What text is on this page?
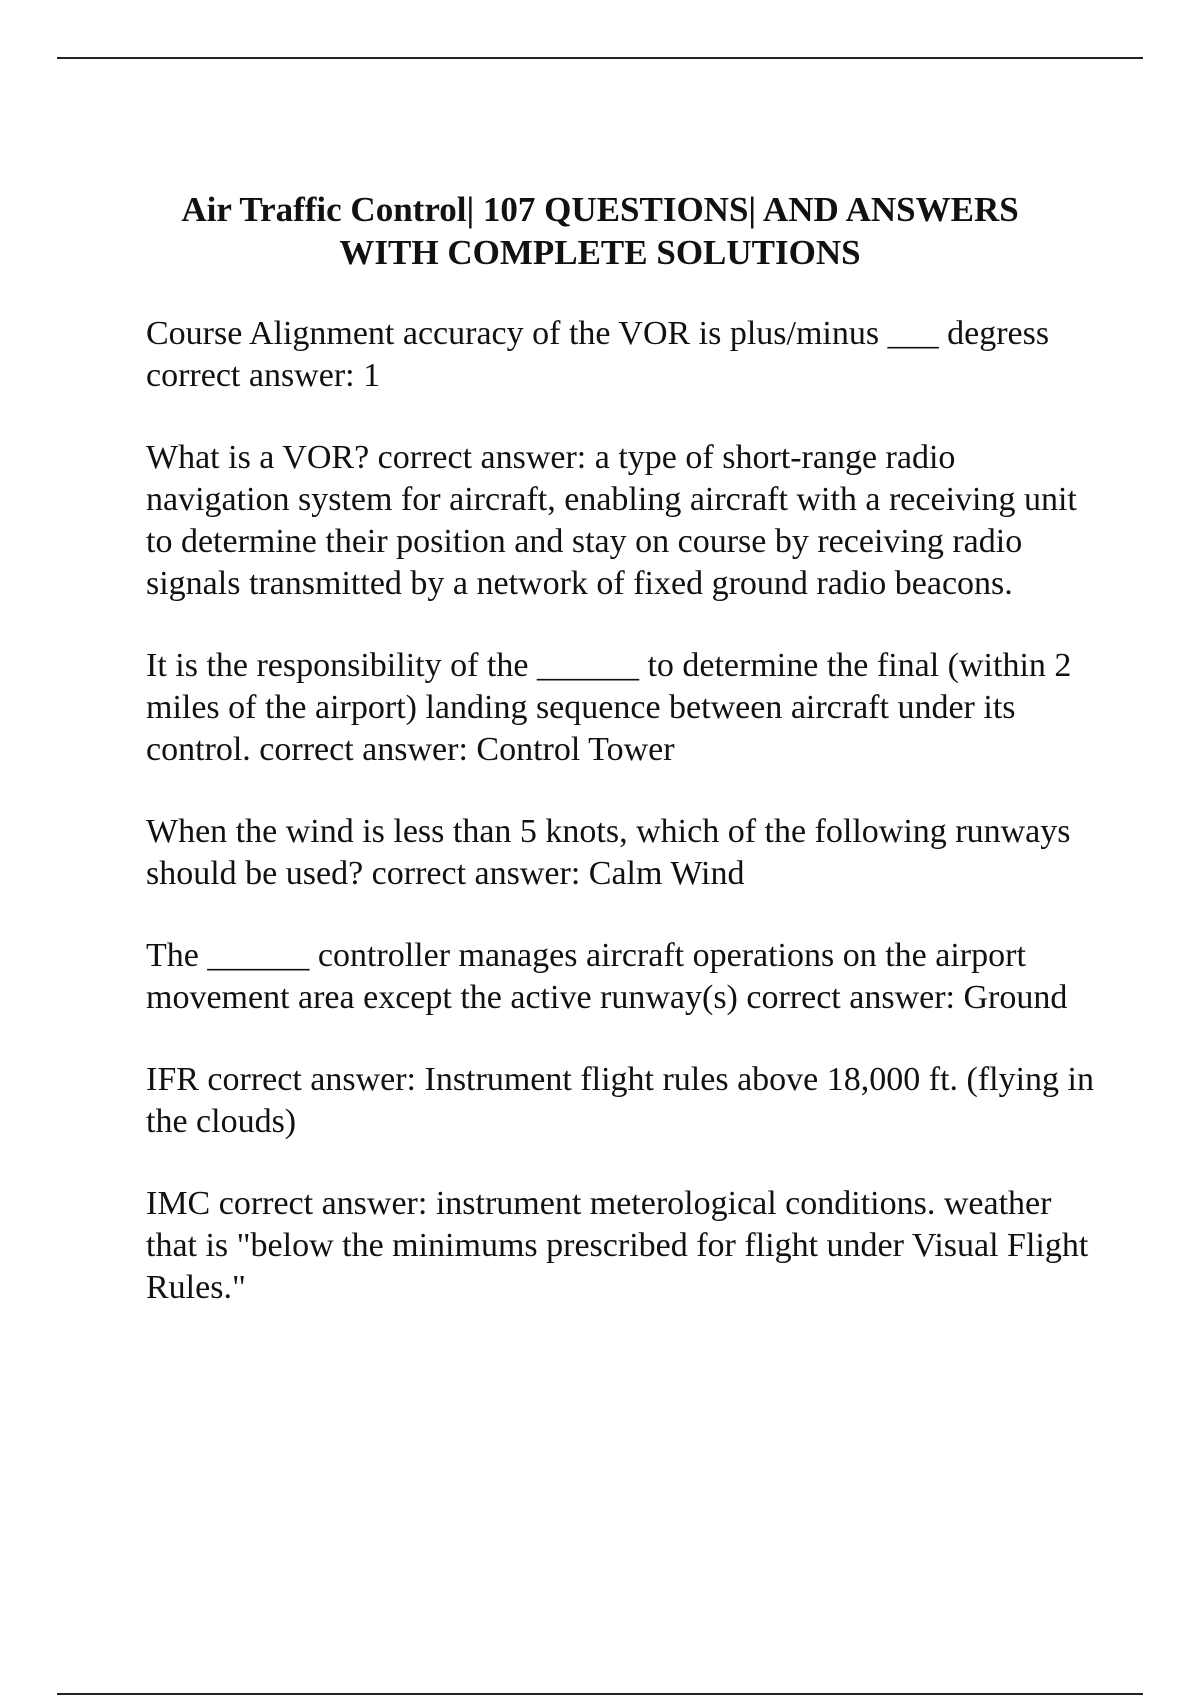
Air Traffic Control| 107 QUESTIONS| AND ANSWERS
WITH COMPLETE SOLUTIONS

Course Alignment accuracy of the VOR is plus/minus ___ degress correct answer: 1

What is a VOR? correct answer: a type of short-range radio navigation system for aircraft, enabling aircraft with a receiving unit to determine their position and stay on course by receiving radio signals transmitted by a network of fixed ground radio beacons.

It is the responsibility of the ______ to determine the final (within 2 miles of the airport) landing sequence between aircraft under its control. correct answer: Control Tower

When the wind is less than 5 knots, which of the following runways should be used? correct answer: Calm Wind

The ______ controller manages aircraft operations on the airport movement area except the active runway(s) correct answer: Ground

IFR correct answer: Instrument flight rules above 18,000 ft. (flying in the clouds)

IMC correct answer: instrument meterological conditions. weather that is "below the minimums prescribed for flight under Visual Flight Rules."
